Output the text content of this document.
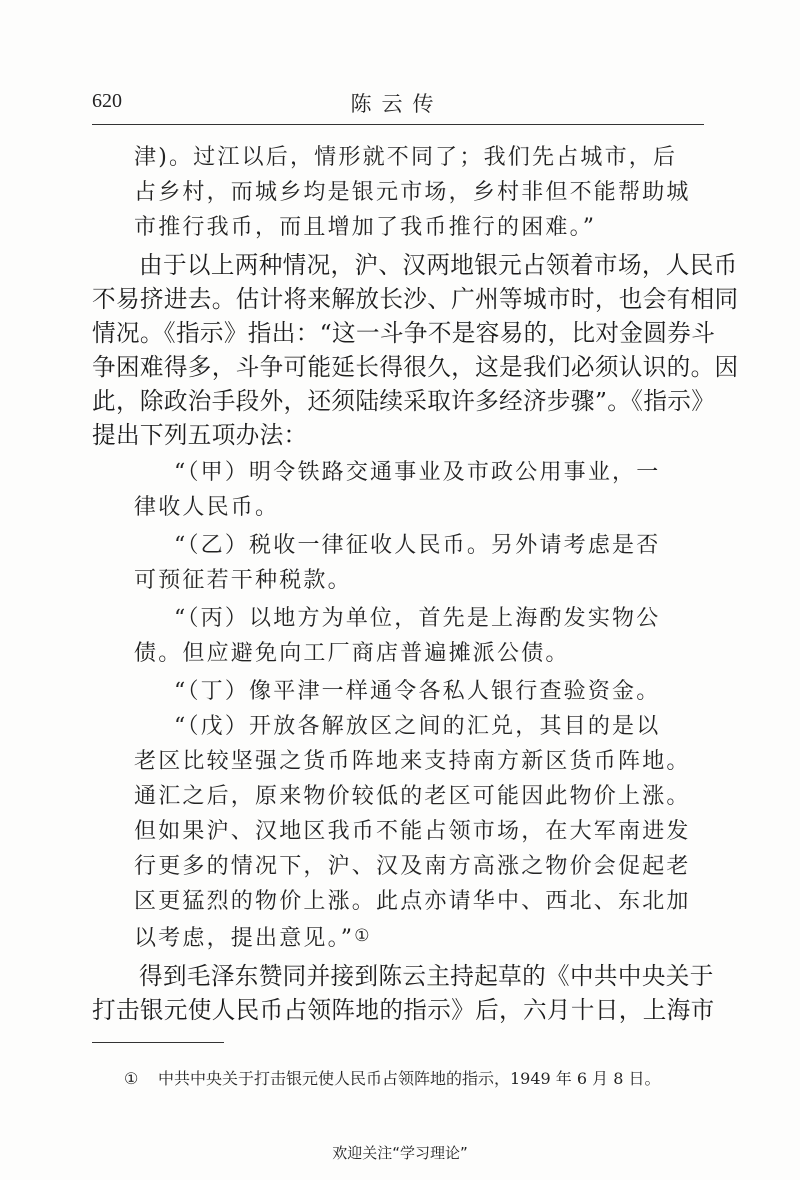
620	陈云传

津)。过江以后，情形就不同了；我们先占城市，后

占乡村，而城乡均是银元市场，乡村非但不能帮助城

市推行我币，而且增加了我币推行的困难。”

由于以上两种情况，沪、汉两地银元占领着市场，人民币

不易挤进去。估计将来解放长沙、广州等城市时，也会有相同

情况。《指示》指出：“这一斗争不是容易的，比对金圆券斗

争困难得多，斗争可能延长得很久，这是我们必须认识的。因

此，除政治手段外，还须陆续采取许多经济步骤”。《指示》

提出下列五项办法：

“（甲）明令铁路交通事业及市政公用事业，一

律收人民币。

“（乙）税收一律征收人民币。另外请考虑是否

可预征若干种税款。

“（丙）以地方为单位，首先是上海酌发实物公

债。但应避免向工厂商店普遍摊派公债。

“（丁）像平津一样通令各私人银行查验资金。

“（戊）开放各解放区之间的汇兑，其目的是以

老区比较坚强之货币阵地来支持南方新区货币阵地。

通汇之后，原来物价较低的老区可能因此物价上涨。

但如果沪、汉地区我币不能占领市场，在大军南进发

行更多的情况下，沪、汉及南方高涨之物价会促起老

区更猛烈的物价上涨。此点亦请华中、西北、东北加

以考虑，提出意见。”①

得到毛泽东赞同并接到陈云主持起草的《中共中央关于

打击银元使人民币占领阵地的指示》后，六月十日，上海市

① 中共中央关于打击银元使人民币占领阵地的指示，1949 年 6 月 8 日。
欢迎关注“学习理论”
